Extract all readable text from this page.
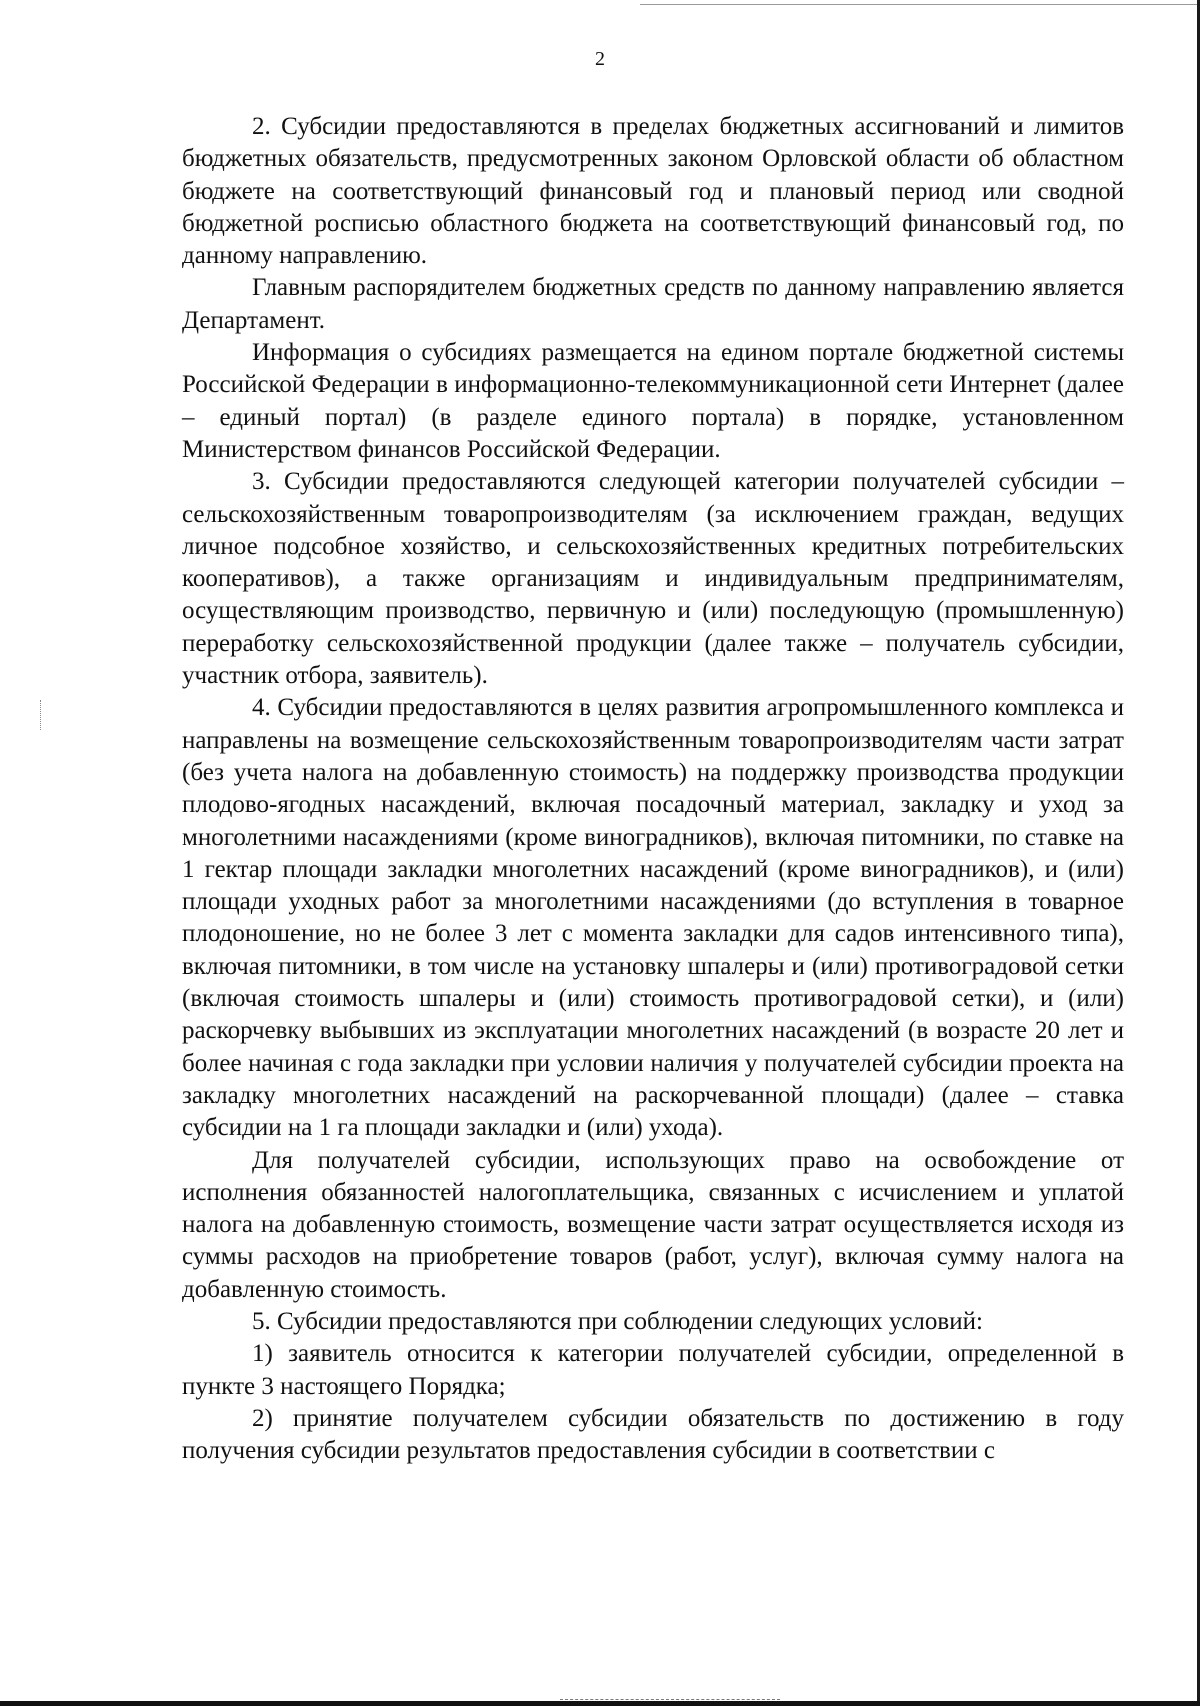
2

2. Субсидии предоставляются в пределах бюджетных ассигнований и лимитов бюджетных обязательств, предусмотренных законом Орловской области об областном бюджете на соответствующий финансовый год и плановый период или сводной бюджетной росписью областного бюджета на соответствующий финансовый год, по данному направлению.

Главным распорядителем бюджетных средств по данному направлению является Департамент.

Информация о субсидиях размещается на едином портале бюджетной системы Российской Федерации в информационно-телекоммуникационной сети Интернет (далее – единый портал) (в разделе единого портала) в порядке, установленном Министерством финансов Российской Федерации.

3. Субсидии предоставляются следующей категории получателей субсидии – сельскохозяйственным товаропроизводителям (за исключением граждан, ведущих личное подсобное хозяйство, и сельскохозяйственных кредитных потребительских кооперативов), а также организациям и индивидуальным предпринимателям, осуществляющим производство, первичную и (или) последующую (промышленную) переработку сельскохозяйственной продукции (далее также – получатель субсидии, участник отбора, заявитель).

4. Субсидии предоставляются в целях развития агропромышленного комплекса и направлены на возмещение сельскохозяйственным товаропроизводителям части затрат (без учета налога на добавленную стоимость) на поддержку производства продукции плодово-ягодных насаждений, включая посадочный материал, закладку и уход за многолетними насаждениями (кроме виноградников), включая питомники, по ставке на 1 гектар площади закладки многолетних насаждений (кроме виноградников), и (или) площади уходных работ за многолетними насаждениями (до вступления в товарное плодоношение, но не более 3 лет с момента закладки для садов интенсивного типа), включая питомники, в том числе на установку шпалеры и (или) противоградовой сетки (включая стоимость шпалеры и (или) стоимость противоградовой сетки), и (или) раскорчевку выбывших из эксплуатации многолетних насаждений (в возрасте 20 лет и более начиная с года закладки при условии наличия у получателей субсидии проекта на закладку многолетних насаждений на раскорчеванной площади) (далее – ставка субсидии на 1 га площади закладки и (или) ухода).

Для получателей субсидии, использующих право на освобождение от исполнения обязанностей налогоплательщика, связанных с исчислением и уплатой налога на добавленную стоимость, возмещение части затрат осуществляется исходя из суммы расходов на приобретение товаров (работ, услуг), включая сумму налога на добавленную стоимость.

5. Субсидии предоставляются при соблюдении следующих условий:

1) заявитель относится к категории получателей субсидии, определенной в пункте 3 настоящего Порядка;

2) принятие получателем субсидии обязательств по достижению в году получения субсидии результатов предоставления субсидии в соответствии с
